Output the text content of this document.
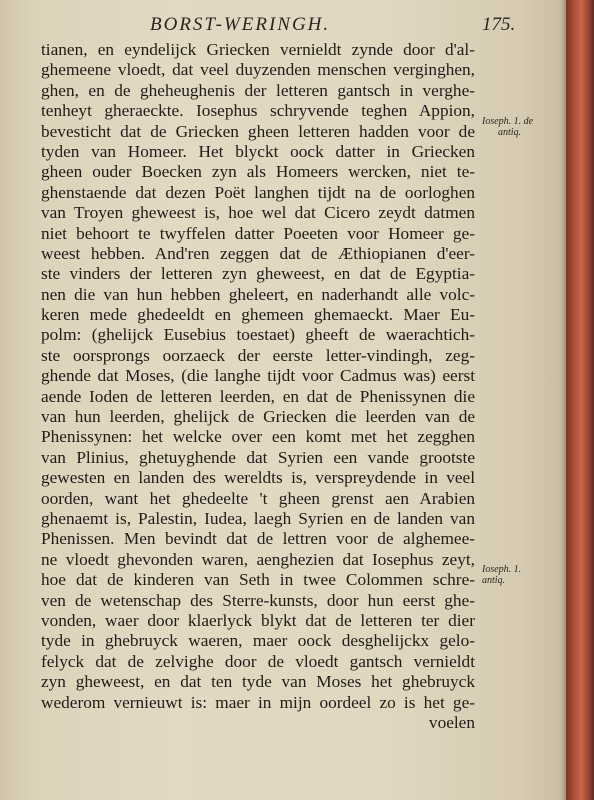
BORST-WERINGH.	175.
tianen, en eyndelijck Griecken vernieldt zynde door d'al-
ghemeene vloedt, dat veel duyzenden menschen verginghen,
ghen, en de gheheughenis der letteren gantsch in verghe-
tenheyt gheraeckte. Iosephus schryvende teghen Appion,
bevesticht dat de Griecken gheen letteren hadden voor de
tyden van Homeer. Het blyckt oock datter in Griecken
gheen ouder Boecken zyn als Homeers wercken, niet te-
ghenstaende dat dezen Poët langhen tijdt na de oorloghen
van Troyen gheweest is, hoe wel dat Cicero zeydt datmen
niet behoort te twyffelen datter Poeeten voor Homeer ge-
weest hebben. And'ren zeggen dat de Æthiopianen d'eer-
ste vinders der letteren zyn gheweest, en dat de Egyptia-
nen die van hun hebben gheleert, en naderhandt alle volc-
keren mede ghedeeldt en ghemeen ghemaeckt. Maer Eu-
polm: (ghelijck Eusebius toestaet) gheeft de waerachtich-
ste oorsprongs oorzaeck der eerste letter-vindingh, zeg-
ghende dat Moses, (die langhe tijdt voor Cadmus was) eerst
aende Ioden de letteren leerden, en dat de Phenissynen die
van hun leerden, ghelijck de Griecken die leerden van de
Phenissynen: het welcke over een komt met het zegghen
van Plinius, ghetuyghende dat Syrien een vande grootste
gewesten en landen des wereldts is, verspreydende in veel
oorden, want het ghedeelte 't gheen grenst aen Arabien
ghenaemt is, Palestin, Iudea, laegh Syrien en de landen van
Phenissen. Men bevindt dat de lettren voor de alghemee-
ne vloedt ghevonden waren, aenghezien dat Iosephus zeyt,
hoe dat de kinderen van Seth in twee Colommen schre-
ven de wetenschap des Sterre-kunsts, door hun eerst ghe-
vonden, waer door klaerlyck blykt dat de letteren ter dier
tyde in ghebruyck waeren, maer oock desghelijckx gelo-
felyck dat de zelvighe door de vloedt gantsch vernieldt
zyn gheweest, en dat ten tyde van Moses het ghebruyck
wederom vernieuwt is: maer in mijn oordeel zo is het ge-
voelen
Ioseph. 1. de
antiq.
Ioseph. 1.
antiq.
